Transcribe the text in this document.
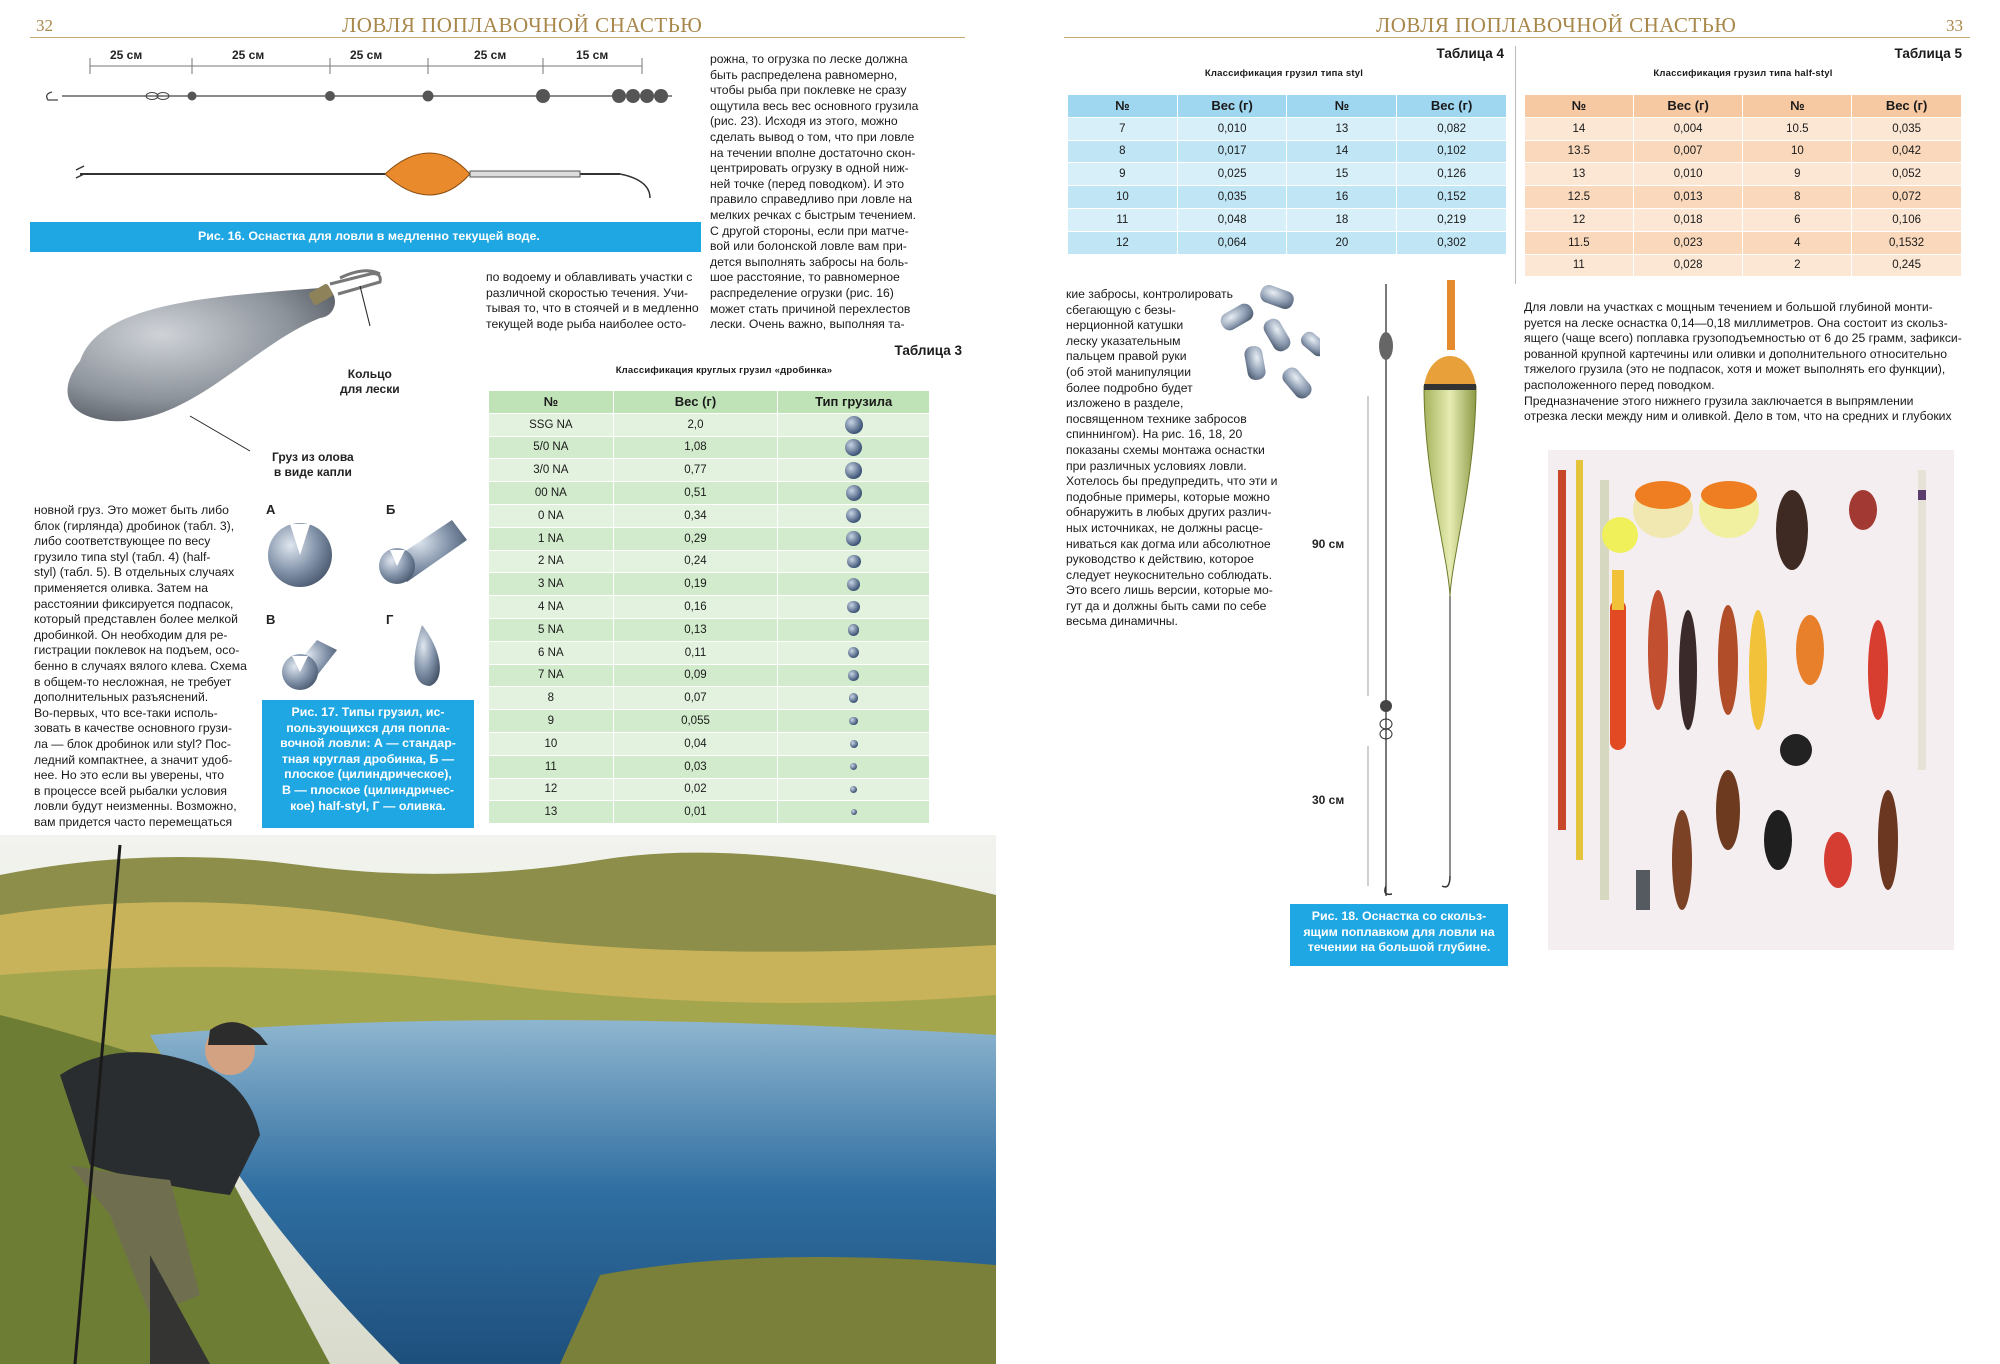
32	ЛОВЛЯ ПОПЛАВОЧНОЙ СНАСТЬЮ
25 см	25 см	25 см	25 см	15 см
Рис. 16. Оснастка для ловли в медленно текущей воде.
рожна, то огрузка по леске должна
быть распределена равномерно,
чтобы рыба при поклевке не сразу
ощутила весь вес основного грузила
(рис. 23). Исходя из этого, можно
сделать вывод о том, что при ловле
на течении вполне достаточно скон-
центрировать огрузку в одной ниж-
ней точке (перед поводком). И это
правило справедливо при ловле на
мелких речках с быстрым течением.
С другой стороны, если при матче-
вой или болонской ловле вам при-
дется выполнять забросы на боль-
шое расстояние, то равномерное
распределение огрузки (рис. 16)
может стать причиной перехлестов
лески. Очень важно, выполняя та-
Кольцо
для лески
Груз из олова
в виде капли
по водоему и облавливать участки с
различной скоростью течения. Учи-
тывая то, что в стоячей и в медленно
текущей воде рыба наиболее осто-
Таблица 3
Классификация круглых грузил «дробинка»
№	Вес (г)	Тип грузила
SSG NA	2,0	
5/0 NA	1,08	
3/0 NA	0,77	
00 NA	0,51	
0 NA	0,34	
1 NA	0,29	
2 NA	0,24	
3 NA	0,19	
4 NA	0,16	
5 NA	0,13	
6 NA	0,11	
7 NA	0,09	
8	0,07	
9	0,055	
10	0,04	
11	0,03	
12	0,02	
13	0,01	
новной груз. Это может быть либо
блок (гирлянда) дробинок (табл. 3),
либо соответствующее по весу
грузило типа styl (табл. 4) (half-
styl) (табл. 5). В отдельных случаях
применяется оливка. Затем на
расстоянии фиксируется подпасок,
который представлен более мелкой
дробинкой. Он необходим для ре-
гистрации поклевок на подъем, осо-
бенно в случаях вялого клева. Схема
в общем-то несложная, не требует
дополнительных разъяснений.
Во-первых, что все-таки исполь-
зовать в качестве основного грузи-
ла — блок дробинок или styl? Пос-
ледний компактнее, а значит удоб-
нее. Но это если вы уверены, что
в процессе всей рыбалки условия
ловли будут неизменны. Возможно,
вам придется часто перемещаться
А	Б
В	Г
Рис. 17. Типы грузил, ис-
пользующихся для попла-
вочной ловли: А — стандар-
тная круглая дробинка, Б —
плоское (цилиндрическое),
В — плоское (цилиндричес-
кое) half-styl, Г — оливка.
33
ЛОВЛЯ ПОПЛАВОЧНОЙ СНАСТЬЮ
Таблица 4
Классификация грузил типа styl
№	Вес (г)	№	Вес (г)
7	0,010	13	0,082
8	0,017	14	0,102
9	0,025	15	0,126
10	0,035	16	0,152
11	0,048	18	0,219
12	0,064	20	0,302
Таблица 5
Классификация грузил типа half-styl
№	Вес (г)	№	Вес (г)
14	0,004	10.5	0,035
13.5	0,007	10	0,042
13	0,010	9	0,052
12.5	0,013	8	0,072
12	0,018	6	0,106
11.5	0,023	4	0,1532
11	0,028	2	0,245
кие забросы, контролировать
сбегающую с безы-
нерционной катушки
леску указательным
пальцем правой руки
(об этой манипуляции
более подробно будет
изложено в разделе,
посвященном технике забросов
спиннингом). На рис. 16, 18, 20
показаны схемы монтажа оснастки
при различных условиях ловли.
Хотелось бы предупредить, что эти и
подобные примеры, которые можно
обнаружить в любых других различ-
ных источниках, не должны расце-
ниваться как догма или абсолютное
руководство к действию, которое
следует неукоснительно соблюдать.
Это всего лишь версии, которые мо-
гут да и должны быть сами по себе
весьма динамичны.
90 см
30 см
Рис. 18. Оснастка со скольз-
ящим поплавком для ловли на
течении на большой глубине.
Для ловли на участках с мощным течением и большой глубиной монти-
руется на леске оснастка 0,14—0,18 миллиметров. Она состоит из скольз-
ящего (чаще всего) поплавка грузоподъемностью от 6 до 25 грамм, зафикси-
рованной крупной картечины или оливки и дополнительного относительно
тяжелого грузила (это не подпасок, хотя и может выполнять его функции),
расположенного перед поводком.
Предназначение этого нижнего грузила заключается в выпрямлении
отрезка лески между ним и оливкой. Дело в том, что на средних и глубоких
